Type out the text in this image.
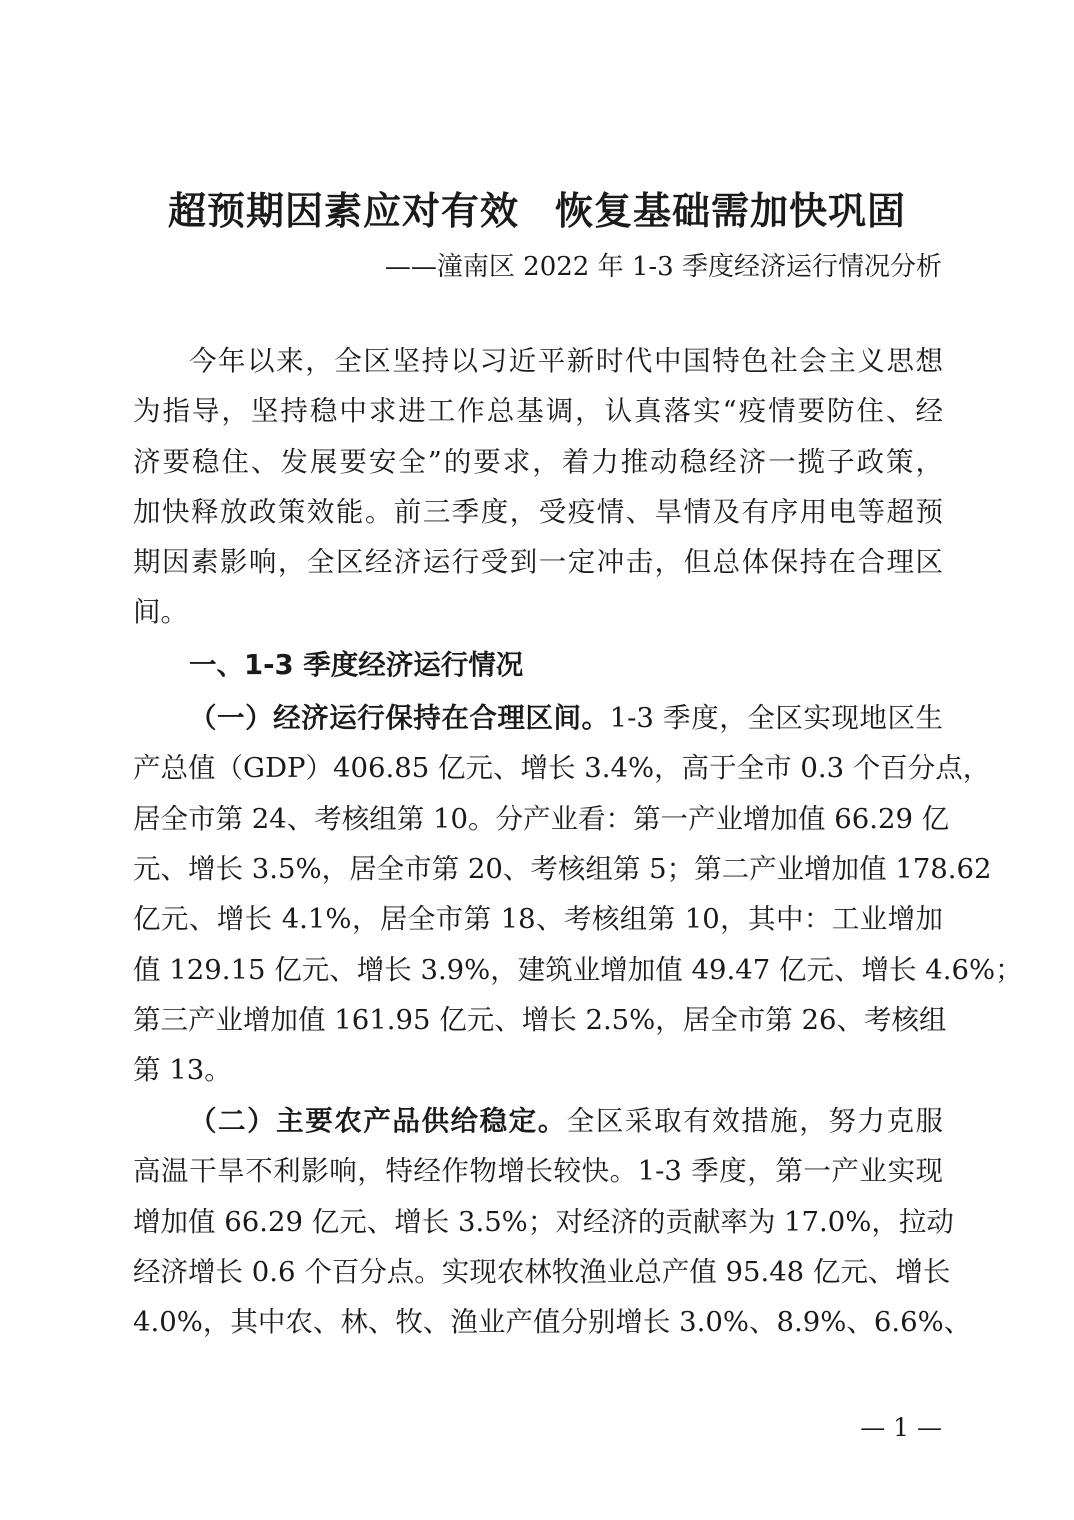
超预期因素应对有效 恢复基础需加快巩固
——潼南区 2022 年 1-3 季度经济运行情况分析
今年以来，全区坚持以习近平新时代中国特色社会主义思想
为指导，坚持稳中求进工作总基调，认真落实“疫情要防住、经
济要稳住、发展要安全”的要求，着力推动稳经济一揽子政策，
加快释放政策效能。前三季度，受疫情、旱情及有序用电等超预
期因素影响，全区经济运行受到一定冲击，但总体保持在合理区
间。
一、1-3 季度经济运行情况
（一）经济运行保持在合理区间。1-3 季度，全区实现地区生
产总值（GDP）406.85 亿元、增长 3.4%，高于全市 0.3 个百分点，
居全市第 24、考核组第 10。分产业看：第一产业增加值 66.29 亿
元、增长 3.5%，居全市第 20、考核组第 5；第二产业增加值 178.62
亿元、增长 4.1%，居全市第 18、考核组第 10，其中：工业增加
值 129.15 亿元、增长 3.9%，建筑业增加值 49.47 亿元、增长 4.6%；
第三产业增加值 161.95 亿元、增长 2.5%，居全市第 26、考核组
第 13。
（二）主要农产品供给稳定。全区采取有效措施，努力克服
高温干旱不利影响，特经作物增长较快。1-3 季度，第一产业实现
增加值 66.29 亿元、增长 3.5%；对经济的贡献率为 17.0%，拉动
经济增长 0.6 个百分点。实现农林牧渔业总产值 95.48 亿元、增长
4.0%，其中农、林、牧、渔业产值分别增长 3.0%、8.9%、6.6%、
— 1 —
